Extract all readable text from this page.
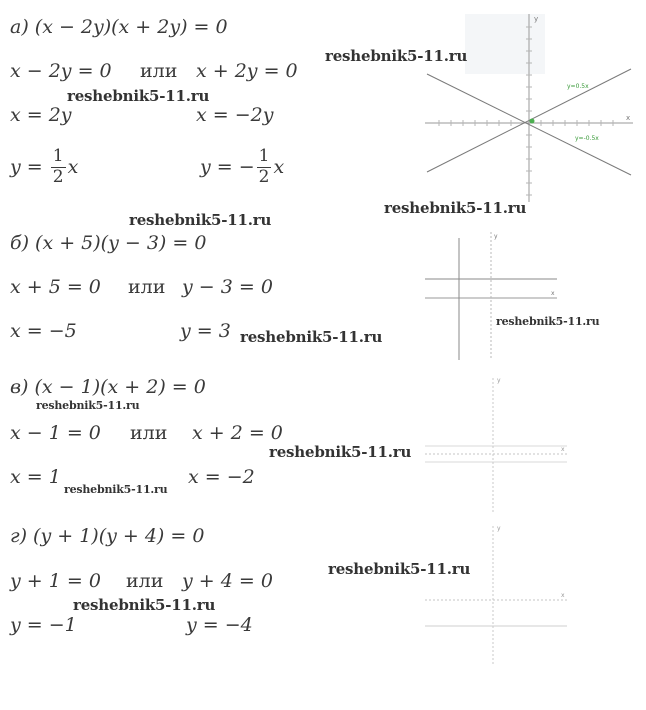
а) (x − 2y)(x + 2y) = 0
x − 2y = 0 или x + 2y = 0
x = 2y	x = −2y
$y = \frac{1}{2}$ x	y = − $\frac{1}{2}$ x
y=0.5x
y=-0.5x
x
y
б) (x + 5)(y − 3) = 0
x + 5 = 0 или y − 3 = 0
x = −5	y = 3
x
y
в) (x − 1)(x + 2) = 0
x − 1 = 0 или x + 2 = 0
x = 1	x = −2
x
y
г) (y + 1)(y + 4) = 0
y + 1 = 0 или y + 4 = 0
y = −1	y = −4
x
y
reshebnik5-11.ru
reshebnik5-11.ru
reshebnik5-11.ru
reshebnik5-11.ru
reshebnik5-11.ru
reshebnik5-11.ru
reshebnik5-11.ru
reshebnik5-11.ru
reshebnik5-11.ru
reshebnik5-11.ru
reshebnik5-11.ru
